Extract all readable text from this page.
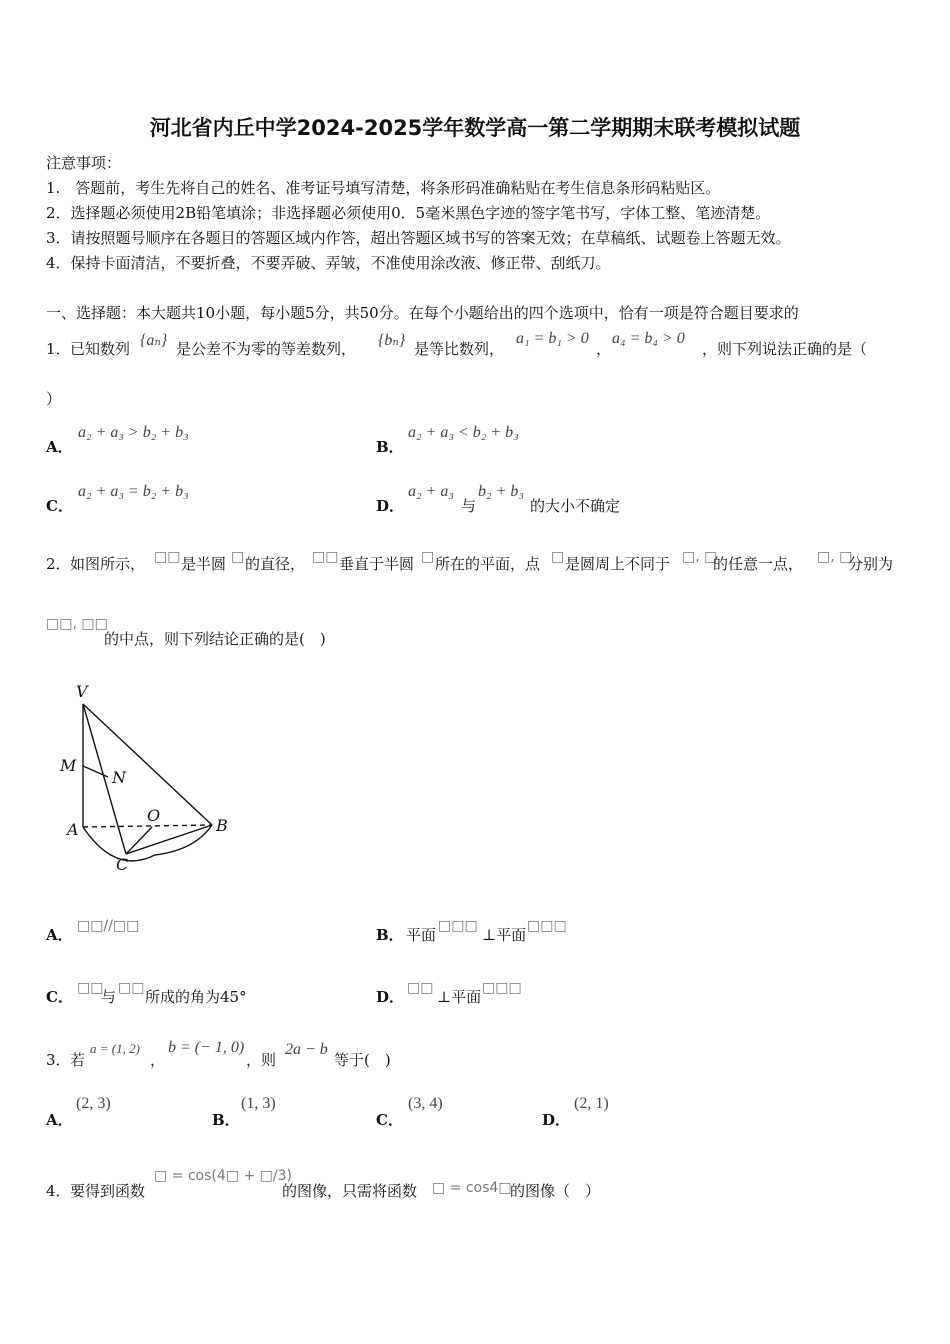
河北省内丘中学2024-2025学年数学高一第二学期期末联考模拟试题
注意事项：
1.　答题前，考生先将自己的姓名、准考证号填写清楚，将条形码准确粘贴在考生信息条形码粘贴区。
2．选择题必须使用2B铅笔填涂；非选择题必须使用0．5毫米黑色字迹的签字笔书写，字体工整、笔迹清楚。
3．请按照题号顺序在各题目的答题区域内作答，超出答题区域书写的答案无效；在草稿纸、试题卷上答题无效。
4．保持卡面清洁，不要折叠，不要弄破、弄皱，不准使用涂改液、修正带、刮纸刀。
一、选择题：本大题共10小题，每小题5分，共50分。在每个小题给出的四个选项中，恰有一项是符合题目要求的
1． 已知数列 {aₙ} 是公差不为零的等差数列， {bₙ} 是等比数列，
a₁ = b₁ > 0
，
a₄ = b₄ > 0
，则下列说法正确的是（
）
A．
a₂ + a₃ > b₂ + b₃
B．
a₂ + a₃ < b₂ + b₃
C．
a₂ + a₃ = b₂ + b₃
D．
a₂ + a₃
与
b₂ + b₃
的大小不确定
2． 如图所示， □□ 是半圆 □ 的直径， □□ 垂直于半圆 □ 所在的平面，点 □ 是圆周上不同于 □, □
的任意一点， □, □
分别为
□□, □□
的中点，则下列结论正确的是(　)
V
M
N
O
A	B
C
A． □□//□□	B． 平面 □□□ ⊥平面 □□□
C． □□
与 □□ 所成的角为45°	D． □□ ⊥平面 □□□
3． 若
a = (1, 2)
，
b = (− 1, 0)
，则
2a − b
等于(　)
A．
(2, 3)
B．
(1, 3)
C．
(3, 4)
D．
(2, 1)
4． 要得到函数
□ = cos(4□ + □/3)
的图像，只需将函数 □ = cos4□
的图像（　）
